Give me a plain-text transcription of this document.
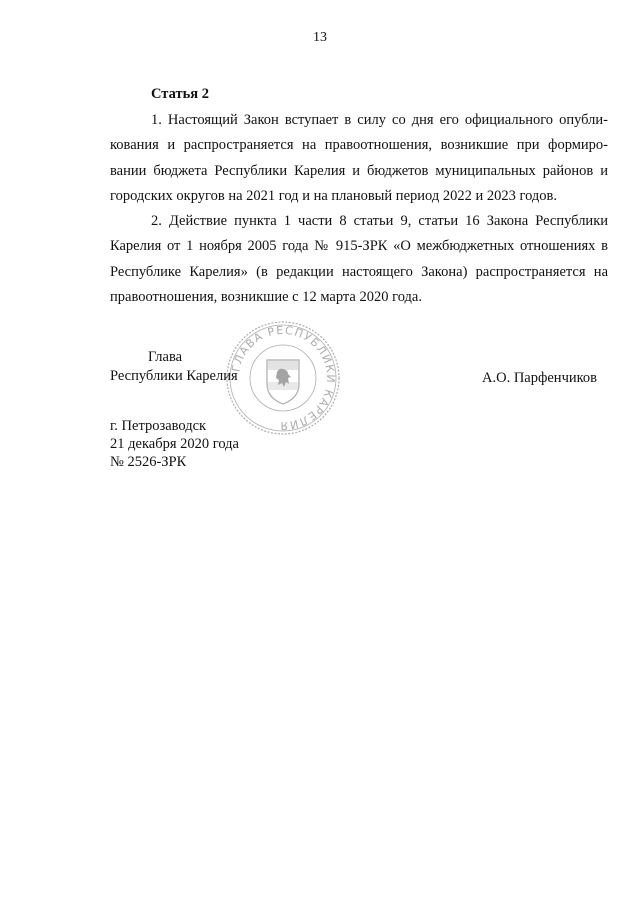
13
Статья 2
1. Настоящий Закон вступает в силу со дня его официального опубли-
кования и распространяется на правоотношения, возникшие при формиро-
вании бюджета Республики Карелия и бюджетов муниципальных районов и
городских округов на 2021 год и на плановый период 2022 и 2023 годов.
2. Действие пункта 1 части 8 статьи 9, статьи 16 Закона Республики
Карелия от 1 ноября 2005 года № 915-ЗРК «О межбюджетных отношениях в
Республике Карелия» (в редакции настоящего Закона) распространяется на
правоотношения, возникшие с 12 марта 2020 года.
ГЛАВА РЕСПУБЛИКИ КАРЕЛИЯ
Глава
Республики Карелия	А.О. Парфенчиков
г. Петрозаводск
21 декабря 2020 года
№ 2526-ЗРК
